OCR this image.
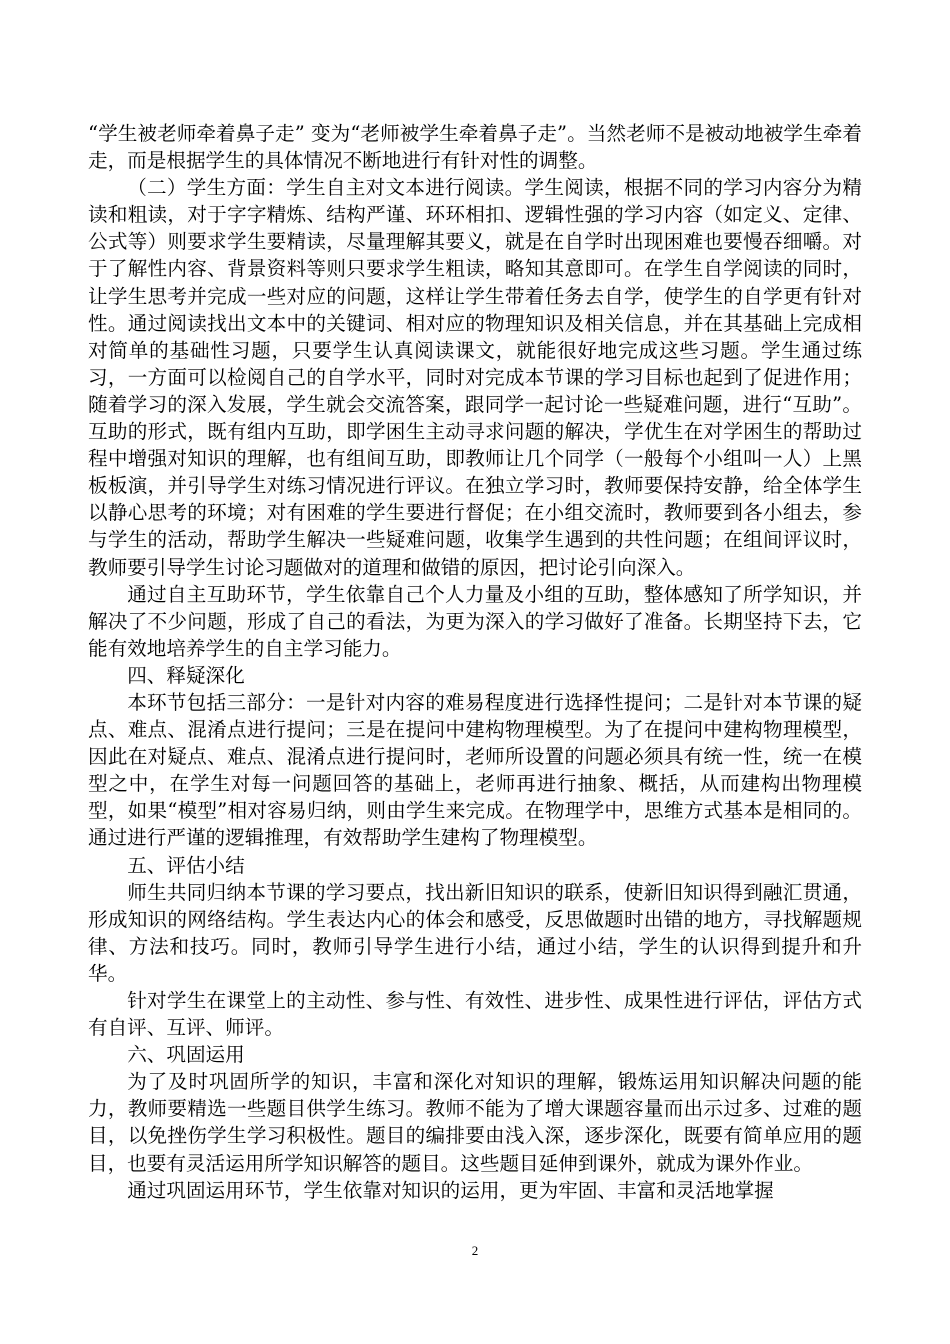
“学生被老师牵着鼻子走” 变为“老师被学生牵着鼻子走”。当然老师不是被动地被学生牵着走，而是根据学生的具体情况不断地进行有针对性的调整。

（二）学生方面：学生自主对文本进行阅读。学生阅读，根据不同的学习内容分为精读和粗读，对于字字精炼、结构严谨、环环相扣、逻辑性强的学习内容（如定义、定律、公式等）则要求学生要精读，尽量理解其要义，就是在自学时出现困难也要慢吞细嚼。对于了解性内容、背景资料等则只要求学生粗读，略知其意即可。在学生自学阅读的同时，让学生思考并完成一些对应的问题，这样让学生带着任务去自学，使学生的自学更有针对性。通过阅读找出文本中的关键词、相对应的物理知识及相关信息，并在其基础上完成相对简单的基础性习题，只要学生认真阅读课文，就能很好地完成这些习题。学生通过练习，一方面可以检阅自己的自学水平，同时对完成本节课的学习目标也起到了促进作用；随着学习的深入发展，学生就会交流答案，跟同学一起讨论一些疑难问题，进行“互助”。互助的形式，既有组内互助，即学困生主动寻求问题的解决，学优生在对学困生的帮助过程中增强对知识的理解，也有组间互助，即教师让几个同学（一般每个小组叫一人）上黑板板演，并引导学生对练习情况进行评议。在独立学习时，教师要保持安静，给全体学生以静心思考的环境；对有困难的学生要进行督促；在小组交流时，教师要到各小组去，参与学生的活动，帮助学生解决一些疑难问题，收集学生遇到的共性问题；在组间评议时，教师要引导学生讨论习题做对的道理和做错的原因，把讨论引向深入。

通过自主互助环节，学生依靠自己个人力量及小组的互助，整体感知了所学知识，并解决了不少问题，形成了自己的看法，为更为深入的学习做好了准备。长期坚持下去，它能有效地培养学生的自主学习能力。

四、释疑深化

本环节包括三部分：一是针对内容的难易程度进行选择性提问；二是针对本节课的疑点、难点、混淆点进行提问；三是在提问中建构物理模型。为了在提问中建构物理模型，因此在对疑点、难点、混淆点进行提问时，老师所设置的问题必须具有统一性，统一在模型之中，在学生对每一问题回答的基础上，老师再进行抽象、概括，从而建构出物理模型，如果“模型”相对容易归纳，则由学生来完成。在物理学中，思维方式基本是相同的。通过进行严谨的逻辑推理，有效帮助学生建构了物理模型。

五、评估小结

师生共同归纳本节课的学习要点，找出新旧知识的联系，使新旧知识得到融汇贯通，形成知识的网络结构。学生表达内心的体会和感受，反思做题时出错的地方，寻找解题规律、方法和技巧。同时，教师引导学生进行小结，通过小结，学生的认识得到提升和升华。

针对学生在课堂上的主动性、参与性、有效性、进步性、成果性进行评估，评估方式有自评、互评、师评。

六、巩固运用

为了及时巩固所学的知识，丰富和深化对知识的理解，锻炼运用知识解决问题的能力，教师要精选一些题目供学生练习。教师不能为了增大课题容量而出示过多、过难的题目，以免挫伤学生学习积极性。题目的编排要由浅入深，逐步深化，既要有简单应用的题目，也要有灵活运用所学知识解答的题目。这些题目延伸到课外，就成为课外作业。

通过巩固运用环节，学生依靠对知识的运用，更为牢固、丰富和灵活地掌握

2
